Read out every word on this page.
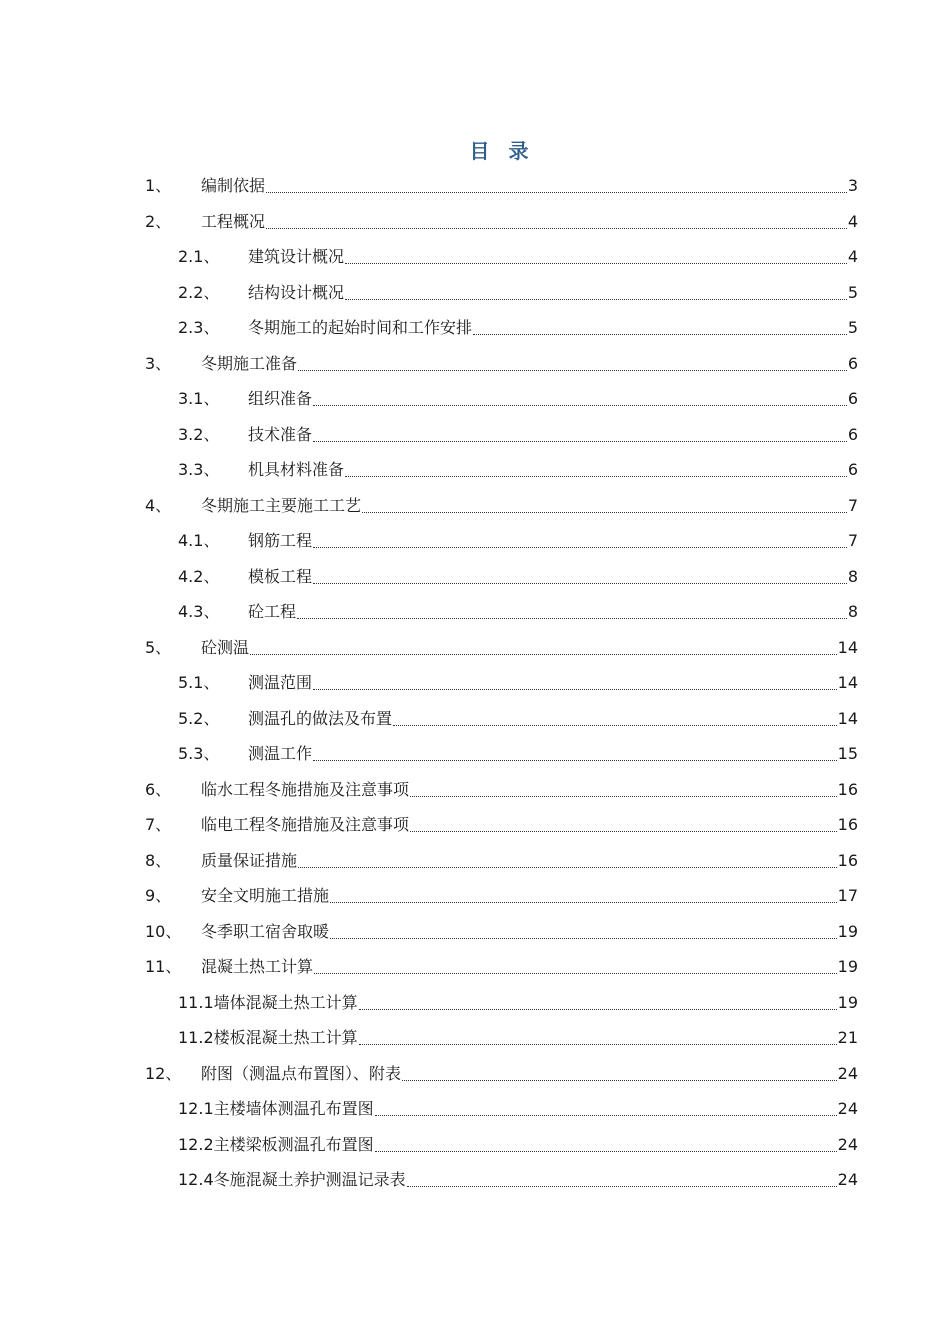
目 录
1、	编制依据	3
2、	工程概况	4
2.1、	建筑设计概况	4
2.2、	结构设计概况	5
2.3、	冬期施工的起始时间和工作安排	5
3、	冬期施工准备	6
3.1、	组织准备	6
3.2、	技术准备	6
3.3、	机具材料准备	6
4、	冬期施工主要施工工艺	7
4.1、	钢筋工程	7
4.2、	模板工程	8
4.3、	砼工程	8
5、	砼测温	14
5.1、	测温范围	14
5.2、	测温孔的做法及布置	14
5.3、	测温工作	15
6、	临水工程冬施措施及注意事项	16
7、	临电工程冬施措施及注意事项	16
8、	质量保证措施	16
9、	安全文明施工措施	17
10、	冬季职工宿舍取暖	19
11、	混凝土热工计算	19
11.1墙体混凝土热工计算	19
11.2楼板混凝土热工计算	21
12、	附图（测温点布置图）、附表	24
12.1主楼墙体测温孔布置图	24
12.2主楼梁板测温孔布置图	24
12.4冬施混凝土养护测温记录表	24
